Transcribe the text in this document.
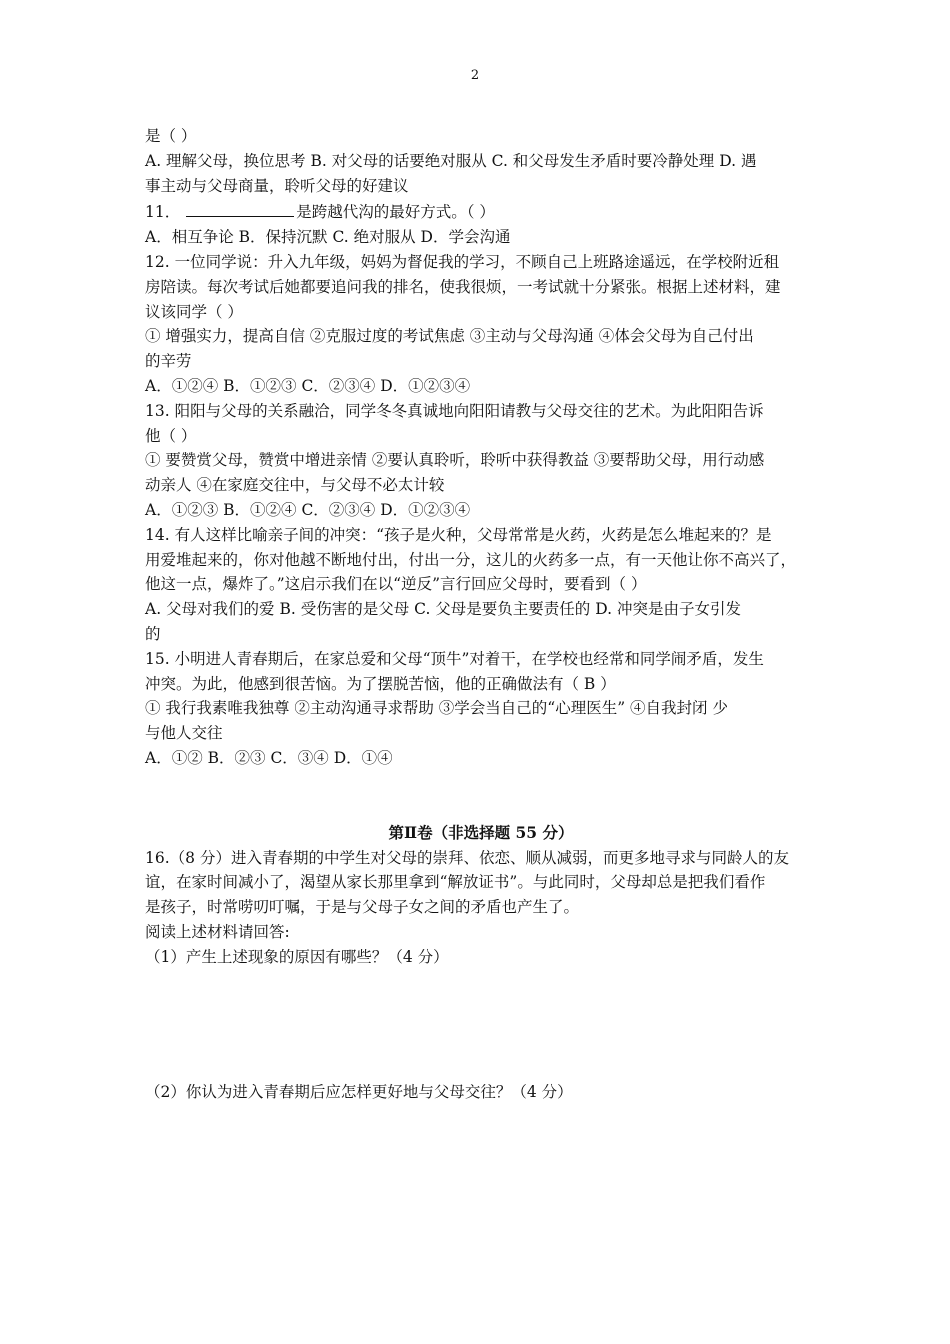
2
是（ ）
A. 理解父母，换位思考 B. 对父母的话要绝对服从 C. 和父母发生矛盾时要冷静处理 D. 遇
事主动与父母商量，聆听父母的好建议
11．	是跨越代沟的最好方式。（ ）
A．相互争论 B．保持沉默 C. 绝对服从 D．学会沟通
12. 一位同学说：升入九年级，妈妈为督促我的学习，不顾自己上班路途遥远，在学校附近租
房陪读。每次考试后她都要追问我的排名，使我很烦，一考试就十分紧张。根据上述材料，建
议该同学（ ）
① 增强实力，提高自信 ②克服过度的考试焦虑 ③主动与父母沟通 ④体会父母为自己付出
的辛劳
A．①②④ B．①②③ C．②③④ D．①②③④
13. 阳阳与父母的关系融洽，同学冬冬真诚地向阳阳请教与父母交往的艺术。为此阳阳告诉
他（ ）
① 要赞赏父母，赞赏中增进亲情 ②要认真聆听，聆听中获得教益 ③要帮助父母，用行动感
动亲人 ④在家庭交往中，与父母不必太计较
A．①②③ B．①②④ C．②③④ D．①②③④
14. 有人这样比喻亲子间的冲突：“孩子是火种，父母常常是火药，火药是怎么堆起来的？是
用爱堆起来的，你对他越不断地付出，付出一分，这儿的火药多一点，有一天他让你不高兴了，
他这一点，爆炸了。”这启示我们在以“逆反”言行回应父母时，要看到（ ）
A. 父母对我们的爱 B. 受伤害的是父母 C. 父母是要负主要责任的 D. 冲突是由子女引发
的
15. 小明进人青春期后，在家总爱和父母“顶牛”对着干，在学校也经常和同学闹矛盾，发生
冲突。为此，他感到很苦恼。为了摆脱苦恼，他的正确做法有（ B ）
① 我行我素唯我独尊 ②主动沟通寻求帮助 ③学会当自己的“心理医生” ④自我封闭 少
与他人交往
A．①② B．②③ C．③④ D．①④
第Ⅱ卷（非选择题 55 分）
16.（8 分）进入青春期的中学生对父母的崇拜、依恋、顺从减弱，而更多地寻求与同龄人的友
谊，在家时间减小了，渴望从家长那里拿到“解放证书”。与此同时，父母却总是把我们看作
是孩子，时常唠叨叮嘱，于是与父母子女之间的矛盾也产生了。
阅读上述材料请回答:
（1）产生上述现象的原因有哪些？（4 分）
（2）你认为进入青春期后应怎样更好地与父母交往？（4 分）
